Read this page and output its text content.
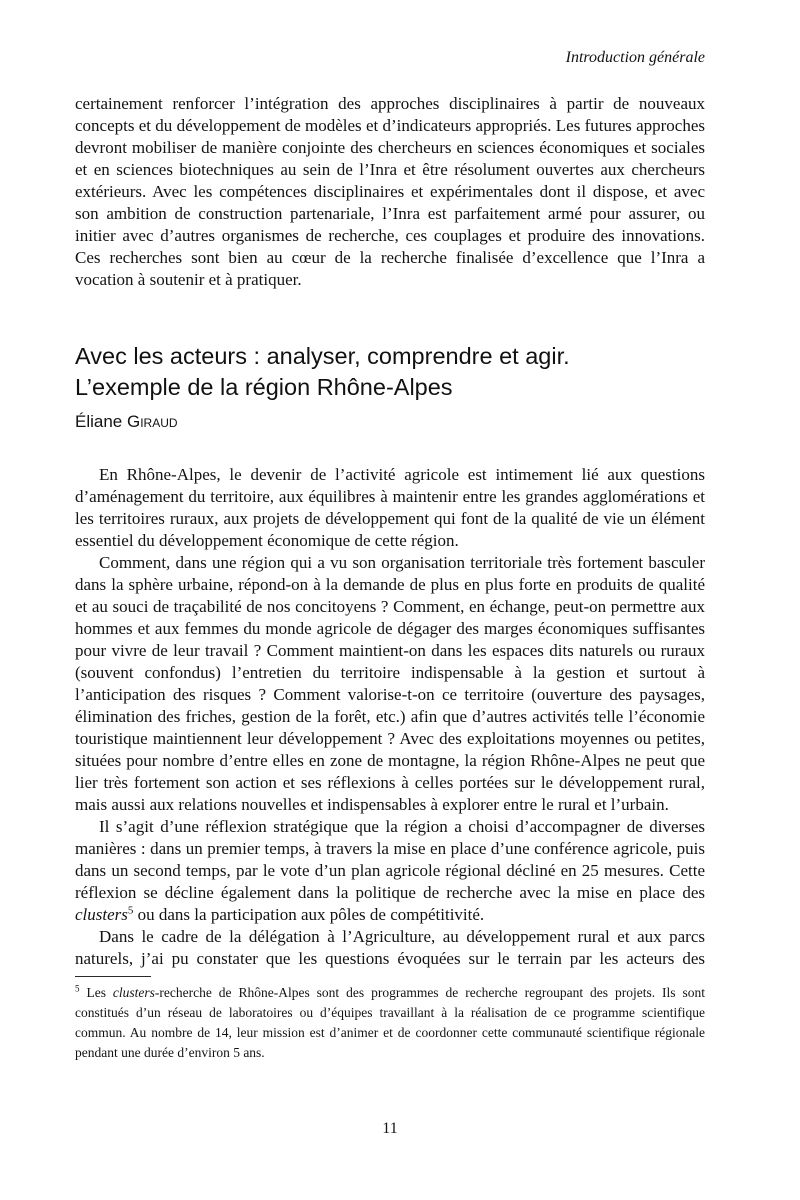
Introduction générale

certainement renforcer l’intégration des approches disciplinaires à partir de nouveaux concepts et du développement de modèles et d’indicateurs appropriés. Les futures approches devront mobiliser de manière conjointe des chercheurs en sciences économiques et sociales et en sciences biotechniques au sein de l’Inra et être résolument ouvertes aux chercheurs extérieurs. Avec les compétences disciplinaires et expérimentales dont il dispose, et avec son ambition de construction partenariale, l’Inra est parfaitement armé pour assurer, ou initier avec d’autres organismes de recherche, ces couplages et produire des innovations. Ces recherches sont bien au cœur de la recherche finalisée d’excellence que l’Inra a vocation à soutenir et à pratiquer.

Avec les acteurs : analyser, comprendre et agir.
L’exemple de la région Rhône-Alpes
Éliane Giraud

En Rhône-Alpes, le devenir de l’activité agricole est intimement lié aux questions d’aménagement du territoire, aux équilibres à maintenir entre les grandes agglomérations et les territoires ruraux, aux projets de développement qui font de la qualité de vie un élément essentiel du développement économique de cette région.

Comment, dans une région qui a vu son organisation territoriale très fortement basculer dans la sphère urbaine, répond-on à la demande de plus en plus forte en produits de qualité et au souci de traçabilité de nos concitoyens ? Comment, en échange, peut-on permettre aux hommes et aux femmes du monde agricole de dégager des marges économiques suffisantes pour vivre de leur travail ? Comment maintient-on dans les espaces dits naturels ou ruraux (souvent confondus) l’entretien du territoire indispensable à la gestion et surtout à l’anticipation des risques ? Comment valorise-t-on ce territoire (ouverture des paysages, élimination des friches, gestion de la forêt, etc.) afin que d’autres activités telle l’économie touristique maintiennent leur développement ? Avec des exploitations moyennes ou petites, situées pour nombre d’entre elles en zone de montagne, la région Rhône-Alpes ne peut que lier très fortement son action et ses réflexions à celles portées sur le développement rural, mais aussi aux relations nouvelles et indispensables à explorer entre le rural et l’urbain.

Il s’agit d’une réflexion stratégique que la région a choisi d’accompagner de diverses manières : dans un premier temps, à travers la mise en place d’une conférence agricole, puis dans un second temps, par le vote d’un plan agricole régional décliné en 25 mesures. Cette réflexion se décline également dans la politique de recherche avec la mise en place des clusters$^5$ ou dans la participation aux pôles de compétitivité.

Dans le cadre de la délégation à l’Agriculture, au développement rural et aux parcs naturels, j’ai pu constater que les questions évoquées sur le terrain par les acteurs des

$^5$ Les clusters-recherche de Rhône-Alpes sont des programmes de recherche regroupant des projets. Ils sont constitués d’un réseau de laboratoires ou d’équipes travaillant à la réalisation de ce programme scientifique commun. Au nombre de 14, leur mission est d’animer et de coordonner cette communauté scientifique régionale pendant une durée d’environ 5 ans.

11
